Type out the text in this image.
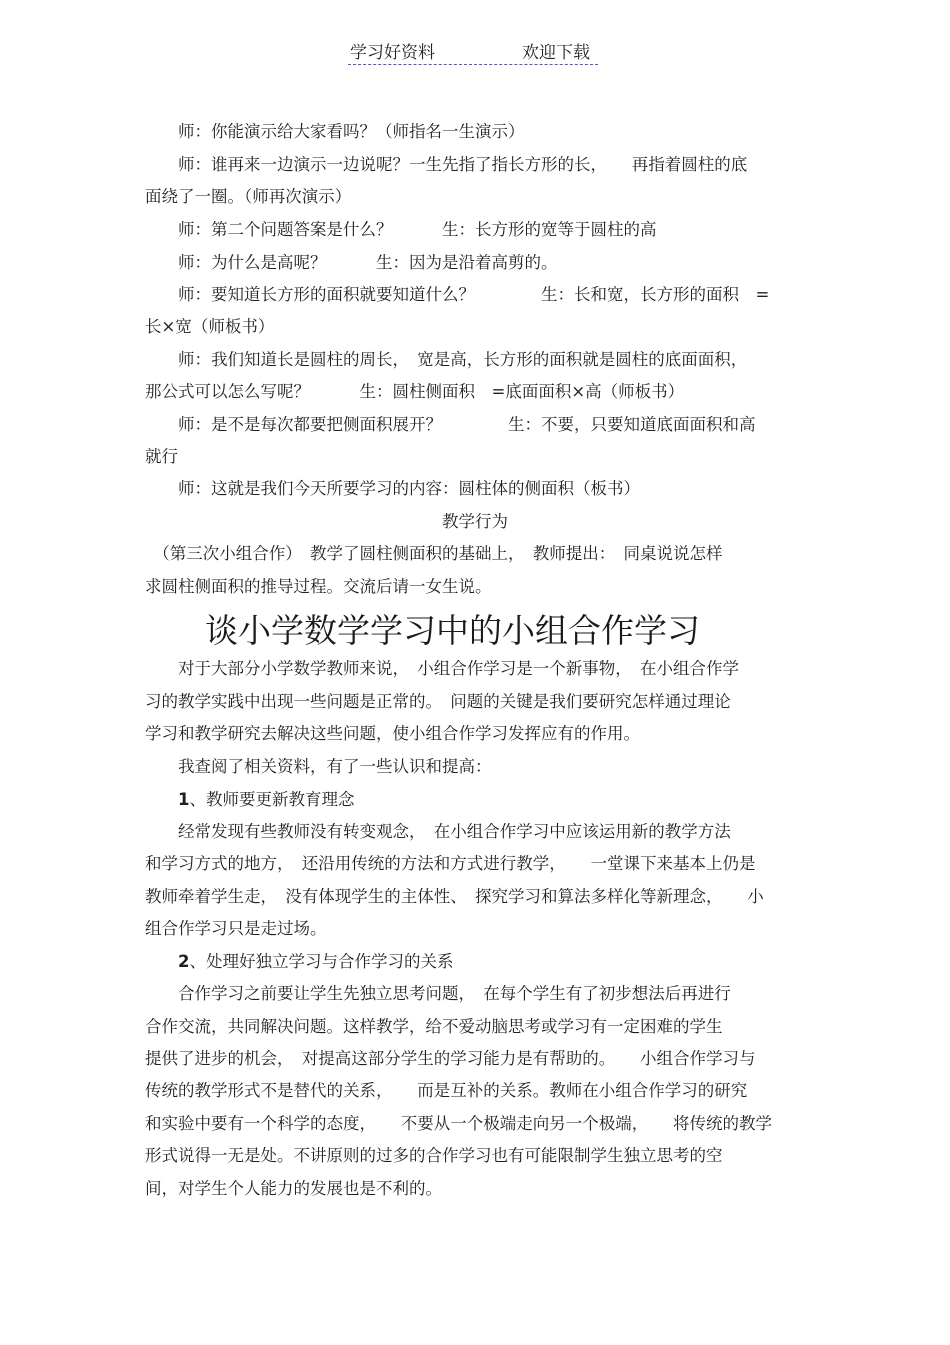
学习好资料	欢迎下载
　　师：你能演示给大家看吗？（师指名一生演示）
　　师：谁再来一边演示一边说呢？一生先指了指长方形的长，　　再指着圆柱的底
面绕了一圈。（师再次演示）
　　师：第二个问题答案是什么？　　　生：长方形的宽等于圆柱的高
　　师：为什么是高呢？　　　生：因为是沿着高剪的。
　　师：要知道长方形的面积就要知道什么？　　　　生：长和宽，长方形的面积　=
长×宽（师板书）
　　师：我们知道长是圆柱的周长，　宽是高，长方形的面积就是圆柱的底面面积，
那公式可以怎么写呢？　　　生：圆柱侧面积　=底面面积×高（师板书）
　　师：是不是每次都要把侧面积展开？　　　　生：不要，只要知道底面面积和高
就行
　　师：这就是我们今天所要学习的内容：圆柱体的侧面积（板书）
教学行为
　（第三次小组合作）　教学了圆柱侧面积的基础上，　教师提出：　同桌说说怎样
求圆柱侧面积的推导过程。交流后请一女生说。
谈小学数学学习中的小组合作学习
　　对于大部分小学数学教师来说，　小组合作学习是一个新事物，　在小组合作学
习的教学实践中出现一些问题是正常的。　问题的关键是我们要研究怎样通过理论
学习和教学研究去解决这些问题，使小组合作学习发挥应有的作用。
　　我查阅了相关资料，有了一些认识和提高：
　　1、教师要更新教育理念
　　经常发现有些教师没有转变观念，　在小组合作学习中应该运用新的教学方法
和学习方式的地方，　还沿用传统的方法和方式进行教学，　　一堂课下来基本上仍是
教师牵着学生走，　没有体现学生的主体性、　探究学习和算法多样化等新理念，　　小
组合作学习只是走过场。
　　2、处理好独立学习与合作学习的关系
　　合作学习之前要让学生先独立思考问题，　在每个学生有了初步想法后再进行
合作交流，共同解决问题。这样教学，给不爱动脑思考或学习有一定困难的学生
提供了进步的机会，　对提高这部分学生的学习能力是有帮助的。　　小组合作学习与
传统的教学形式不是替代的关系，　　而是互补的关系。教师在小组合作学习的研究
和实验中要有一个科学的态度，　　不要从一个极端走向另一个极端，　　将传统的教学
形式说得一无是处。不讲原则的过多的合作学习也有可能限制学生独立思考的空
间，对学生个人能力的发展也是不利的。
